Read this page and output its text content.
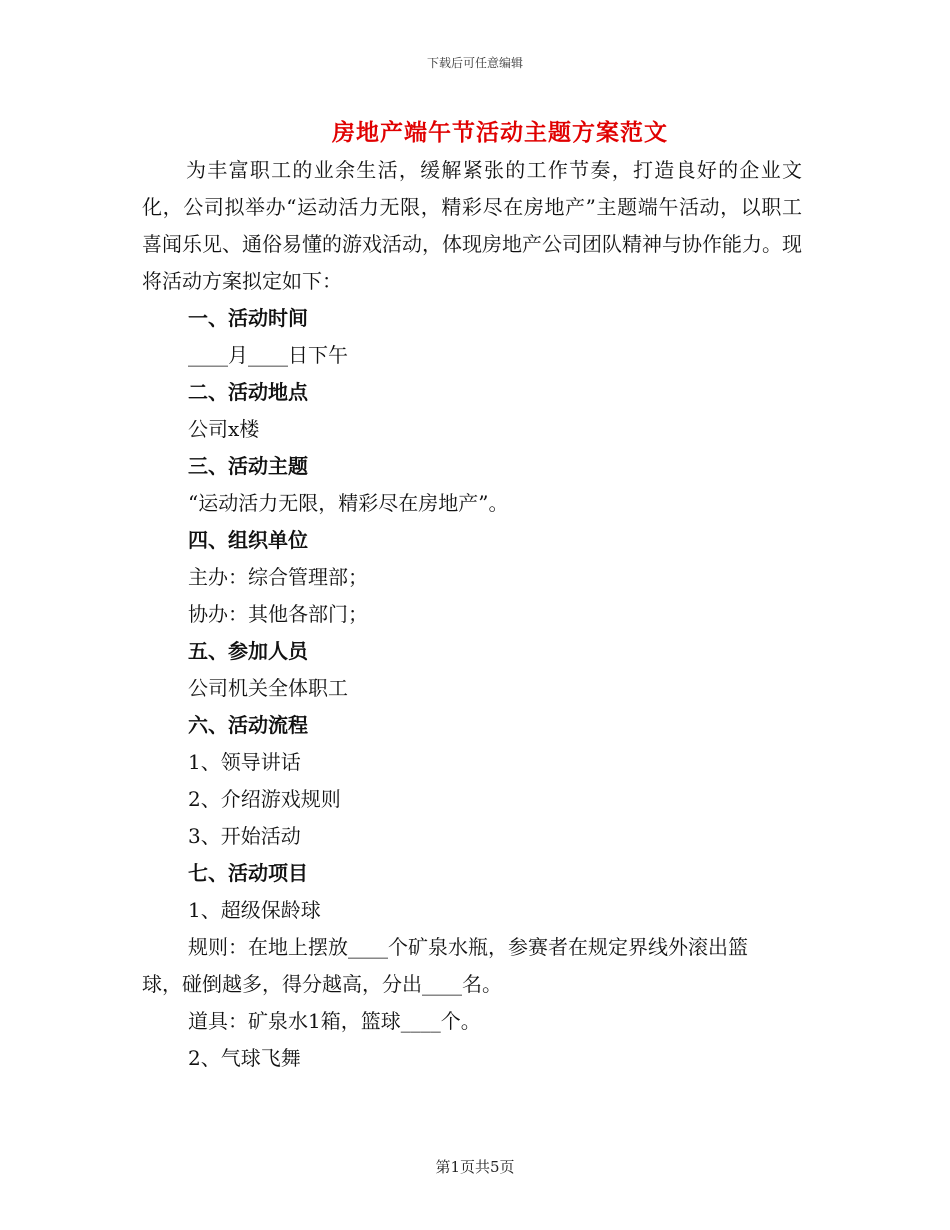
下载后可任意编辑
房地产端午节活动主题方案范文

为丰富职工的业余生活，缓解紧张的工作节奏，打造良好的企业文化，公司拟举办“运动活力无限，精彩尽在房地产”主题端午活动，以职工喜闻乐见、通俗易懂的游戏活动，体现房地产公司团队精神与协作能力。现将活动方案拟定如下：

一、活动时间
____月____日下午
二、活动地点
公司x楼
三、活动主题
“运动活力无限，精彩尽在房地产”。
四、组织单位
主办：综合管理部；
协办：其他各部门；
五、参加人员
公司机关全体职工
六、活动流程
1、领导讲话
2、介绍游戏规则
3、开始活动
七、活动项目
1、超级保龄球
规则：在地上摆放____个矿泉水瓶，参赛者在规定界线外滚出篮
球，碰倒越多，得分越高，分出____名。
道具：矿泉水1箱，篮球____个。
2、气球飞舞
第1页共5页
